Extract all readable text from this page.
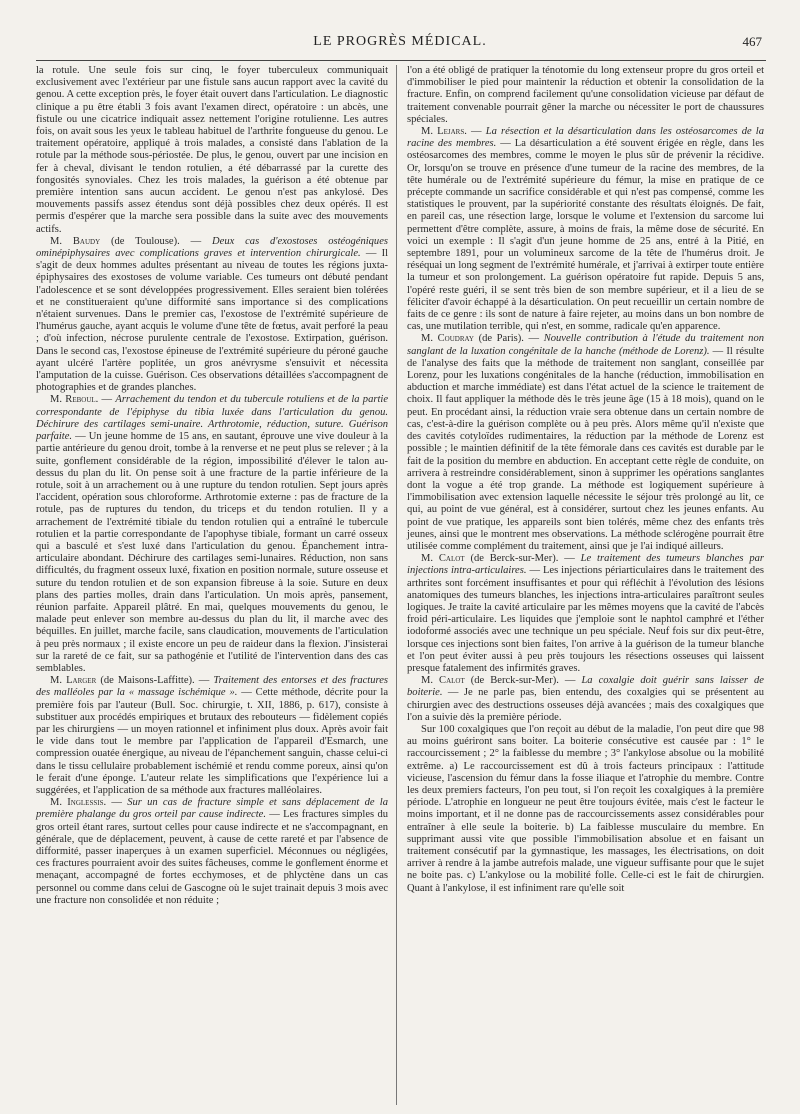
LE PROGRÈS MÉDICAL.	467

la rotule. Une seule fois sur cinq, le foyer tuberculeux communiquait exclusivement avec l'extérieur par une fistule sans aucun rapport avec la cavité du genou. A cette exception près, le foyer était ouvert dans l'articulation. Le diagnostic clinique a pu être établi 3 fois avant l'examen direct, opératoire : un abcès, une fistule ou une cicatrice indiquait assez nettement l'origine rotulienne. Les autres fois, on avait sous les yeux le tableau habituel de l'arthrite fongueuse du genou. Le traitement opératoire, appliqué à trois malades, a consisté dans l'ablation de la rotule par la méthode sous-périostée. De plus, le genou, ouvert par une incision en fer à cheval, divisant le tendon rotulien, a été débarrassé par la curette des fongosités synoviales. Chez les trois malades, la guérison a été obtenue par première intention sans aucun accident. Le genou n'est pas ankylosé. Des mouvements passifs assez étendus sont déjà possibles chez deux opérés. Il est permis d'espérer que la marche sera possible dans la suite avec des mouvements actifs.

M. Baudy (de Toulouse). — Deux cas d'exostoses ostéogéniques ominépiphysaires avec complications graves et intervention chirurgicale. — Il s'agit de deux hommes adultes présentant au niveau de toutes les régions juxta-épiphysaires des exostoses de volume variable. Ces tumeurs ont débuté pendant l'adolescence et se sont développées progressivement. Elles seraient bien tolérées et ne constitueraient qu'une difformité sans importance si des complications n'étaient survenues. Dans le premier cas, l'exostose de l'extrémité supérieure de l'humérus gauche, ayant acquis le volume d'une tête de fœtus, avait perforé la peau ; d'où infection, nécrose purulente centrale de l'exostose. Extirpation, guérison. Dans le second cas, l'exostose épineuse de l'extrémité supérieure du péroné gauche ayant ulcéré l'artère poplitée, un gros anévrysme s'ensuivit et nécessita l'amputation de la cuisse. Guérison. Ces observations détaillées s'accompagnent de photographies et de grandes planches.

M. Reboul. — Arrachement du tendon et du tubercule rotuliens et de la partie correspondante de l'épiphyse du tibia luxée dans l'articulation du genou. Déchirure des cartilages semi-unaire. Arthrotomie, réduction, suture. Guérison parfaite. — Un jeune homme de 15 ans, en sautant, éprouve une vive douleur à la partie antérieure du genou droit, tombe à la renverse et ne peut plus se relever ; à la suite, gonflement considérable de la région, impossibilité d'élever le talon au-dessus du plan du lit. On pense soit à une fracture de la partie inférieure de la rotule, soit à un arrachement ou à une rupture du tendon rotulien. Sept jours après l'accident, opération sous chloroforme. Arthrotomie externe : pas de fracture de la rotule, pas de ruptures du tendon, du triceps et du tendon rotulien. Il y a arrachement de l'extrémité tibiale du tendon rotulien qui a entraîné le tubercule rotulien et la partie correspondante de l'apophyse tibiale, formant un carré osseux qui a basculé et s'est luxé dans l'articulation du genou. Épanchement intra-articulaire abondant. Déchirure des cartilages semi-lunaires. Réduction, non sans difficultés, du fragment osseux luxé, fixation en position normale, suture osseuse et suture du tendon rotulien et de son expansion fibreuse à la soie. Suture en deux plans des parties molles, drain dans l'articulation. Un mois après, pansement, réunion parfaite. Appareil plâtré. En mai, quelques mouvements du genou, le malade peut enlever son membre au-dessus du plan du lit, il marche avec des béquilles. En juillet, marche facile, sans claudication, mouvements de l'articulation à peu près normaux ; il existe encore un peu de raideur dans la flexion. J'insisterai sur la rareté de ce fait, sur sa pathogénie et l'utilité de l'intervention dans des cas semblables.

M. Larger (de Maisons-Laffitte). — Traitement des entorses et des fractures des malléoles par la « massage ischémique ». — Cette méthode, décrite pour la première fois par l'auteur (Bull. Soc. chirurgie, t. XII, 1886, p. 617), consiste à substituer aux procédés empiriques et brutaux des rebouteurs — fidèlement copiés par les chirurgiens — un moyen rationnel et infiniment plus doux. Après avoir fait le vide dans tout le membre par l'application de l'appareil d'Esmarch, une compression ouatée énergique, au niveau de l'épanchement sanguin, chasse celui-ci dans le tissu cellulaire probablement ischémié et rendu comme poreux, ainsi qu'on le ferait d'une éponge. L'auteur relate les simplifications que l'expérience lui a suggérées, et l'application de sa méthode aux fractures malléolaires.

M. Inglessis. — Sur un cas de fracture simple et sans déplacement de la première phalange du gros orteil par cause indirecte. — Les fractures simples du gros orteil étant rares, surtout celles pour cause indirecte et ne s'accompagnant, en générale, que de déplacement, peuvent, à cause de cette rareté et par l'absence de difformité, passer inaperçues à un examen superficiel. Méconnues ou négligées, ces fractures pourraient avoir des suites fâcheuses, comme le gonflement énorme et menaçant, accompagné de fortes ecchymoses, et de phlyctène dans un cas personnel ou comme dans celui de Gascogne où le sujet trainait depuis 3 mois avec une fracture non consolidée et non réduite ;

l'on a été obligé de pratiquer la ténotomie du long extenseur propre du gros orteil et d'immobiliser le pied pour maintenir la réduction et obtenir la consolidation de la fracture. Enfin, on comprend facilement qu'une consolidation vicieuse par défaut de traitement convenable pourrait gêner la marche ou nécessiter le port de chaussures spéciales.

M. Lejars. — La résection et la désarticulation dans les ostéosarcomes de la racine des membres. — La désarticulation a été souvent érigée en règle, dans les ostéosarcomes des membres, comme le moyen le plus sûr de prévenir la récidive. Or, lorsqu'on se trouve en présence d'une tumeur de la racine des membres, de la tête humérale ou de l'extrémité supérieure du fémur, la mise en pratique de ce précepte commande un sacrifice considérable et qui n'est pas compensé, comme les statistiques le prouvent, par la supériorité constante des résultats éloignés. De fait, en pareil cas, une résection large, lorsque le volume et l'extension du sarcome lui permettent d'être complète, assure, à moins de frais, la même dose de sécurité. En voici un exemple : Il s'agit d'un jeune homme de 25 ans, entré à la Pitié, en septembre 1891, pour un volumineux sarcome de la tête de l'humérus droit. Je réséquai un long segment de l'extrémité humérale, et j'arrivai à extirper toute entière la tumeur et son prolongement. La guérison opératoire fut rapide. Depuis 5 ans, l'opéré reste guéri, il se sent très bien de son membre supérieur, et il a lieu de se féliciter d'avoir échappé à la désarticulation. On peut recueillir un certain nombre de faits de ce genre : ils sont de nature à faire rejeter, au moins dans un bon nombre de cas, une mutilation terrible, qui n'est, en somme, radicale qu'en apparence.

M. Coudray (de Paris). — Nouvelle contribution à l'étude du traitement non sanglant de la luxation congénitale de la hanche (méthode de Lorenz). — Il résulte de l'analyse des faits que la méthode de traitement non sanglant, conseillée par Lorenz, pour les luxations congénitales de la hanche (réduction, immobilisation en abduction et marche immédiate) est dans l'état actuel de la science le traitement de choix. Il faut appliquer la méthode dès le très jeune âge (15 à 18 mois), quand on le peut. En procédant ainsi, la réduction vraie sera obtenue dans un certain nombre de cas, c'est-à-dire la guérison complète ou à peu près. Alors même qu'il n'existe que des cavités cotyloïdes rudimentaires, la réduction par la méthode de Lorenz est possible ; le maintien définitif de la tête fémorale dans ces cavités est durable par le fait de la position du membre en abduction. En acceptant cette règle de conduite, on arrivera à restreindre considérablement, sinon à supprimer les opérations sanglantes dont la vogue a été trop grande. La méthode est logiquement supérieure à l'immobilisation avec extension laquelle nécessite le séjour très prolongé au lit, ce qui, au point de vue général, est à considérer, surtout chez les jeunes enfants. Au point de vue pratique, les appareils sont bien tolérés, même chez des enfants très jeunes, ainsi que le montrent mes observations. La méthode sclérogène pourrait être utilisée comme complément du traitement, ainsi que je l'ai indiqué ailleurs.

M. Calot (de Berck-sur-Mer). — Le traitement des tumeurs blanches par injections intra-articulaires. — Les injections périarticulaires dans le traitement des arthrites sont forcément insuffisantes et pour qui réfléchit à l'évolution des lésions anatomiques des tumeurs blanches, les injections intra-articulaires paraîtront seules logiques. Je traite la cavité articulaire par les mêmes moyens que la cavité de l'abcès froid péri-articulaire. Les liquides que j'emploie sont le naphtol camphré et l'éther iodoformé associés avec une technique un peu spéciale. Neuf fois sur dix peut-être, lorsque ces injections sont bien faites, l'on arrive à la guérison de la tumeur blanche et l'on peut éviter aussi à peu près toujours les résections osseuses qui laissent presque fatalement des infirmités graves.

M. Calot (de Berck-sur-Mer). — La coxalgie doit guérir sans laisser de boiterie. — Je ne parle pas, bien entendu, des coxalgies qui se présentent au chirurgien avec des destructions osseuses déjà avancées ; mais des coxalgiques que l'on a suivie dès la première période.

Sur 100 coxalgiques que l'on reçoit au début de la maladie, l'on peut dire que 98 au moins guériront sans boiter. La boiterie consécutive est causée par : 1° le raccourcissement ; 2° la faiblesse du membre ; 3° l'ankylose absolue ou la mobilité extrême. a) Le raccourcissement est dû à trois facteurs principaux : l'attitude vicieuse, l'ascension du fémur dans la fosse iliaque et l'atrophie du membre. Contre les deux premiers facteurs, l'on peu tout, si l'on reçoit les coxalgiques à la première période. L'atrophie en longueur ne peut être toujours évitée, mais c'est le facteur le moins important, et il ne donne pas de raccourcissements assez considérables pour entraîner à elle seule la boiterie. b) La faiblesse musculaire du membre. En supprimant aussi vite que possible l'immobilisation absolue et en faisant un traitement consécutif par la gymnastique, les massages, les électrisations, on doit arriver à rendre à la jambe autrefois malade, une vigueur suffisante pour que le sujet ne boite pas. c) L'ankylose ou la mobilité folle. Celle-ci est le fait de chirurgien. Quant à l'ankylose, il est infiniment rare qu'elle soit
